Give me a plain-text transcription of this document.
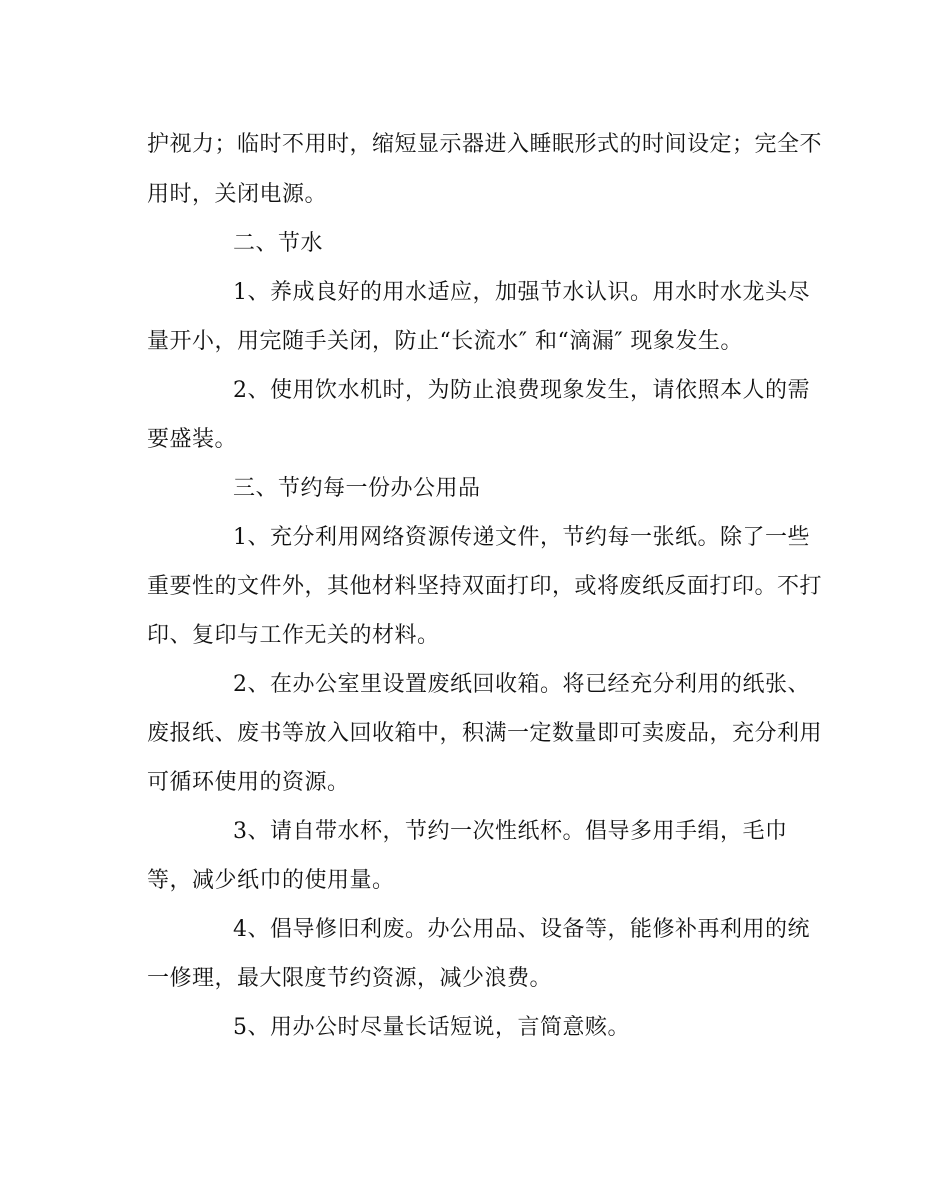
护视力；临时不用时，缩短显示器进入睡眠形式的时间设定；完全不
用时，关闭电源。
二、节水
1、养成良好的用水适应，加强节水认识。用水时水龙头尽
量开小，用完随手关闭，防止“长流水″ 和“滴漏″ 现象发生。
2、使用饮水机时，为防止浪费现象发生，请依照本人的需
要盛装。
三、节约每一份办公用品
1、充分利用网络资源传递文件，节约每一张纸。除了一些
重要性的文件外，其他材料坚持双面打印，或将废纸反面打印。不打
印、复印与工作无关的材料。
2、在办公室里设置废纸回收箱。将已经充分利用的纸张、
废报纸、废书等放入回收箱中，积满一定数量即可卖废品，充分利用
可循环使用的资源。
3、请自带水杯，节约一次性纸杯。倡导多用手绢，毛巾
等，减少纸巾的使用量。
4、倡导修旧利废。办公用品、设备等，能修补再利用的统
一修理，最大限度节约资源，减少浪费。
5、用办公时尽量长话短说，言简意赅。
